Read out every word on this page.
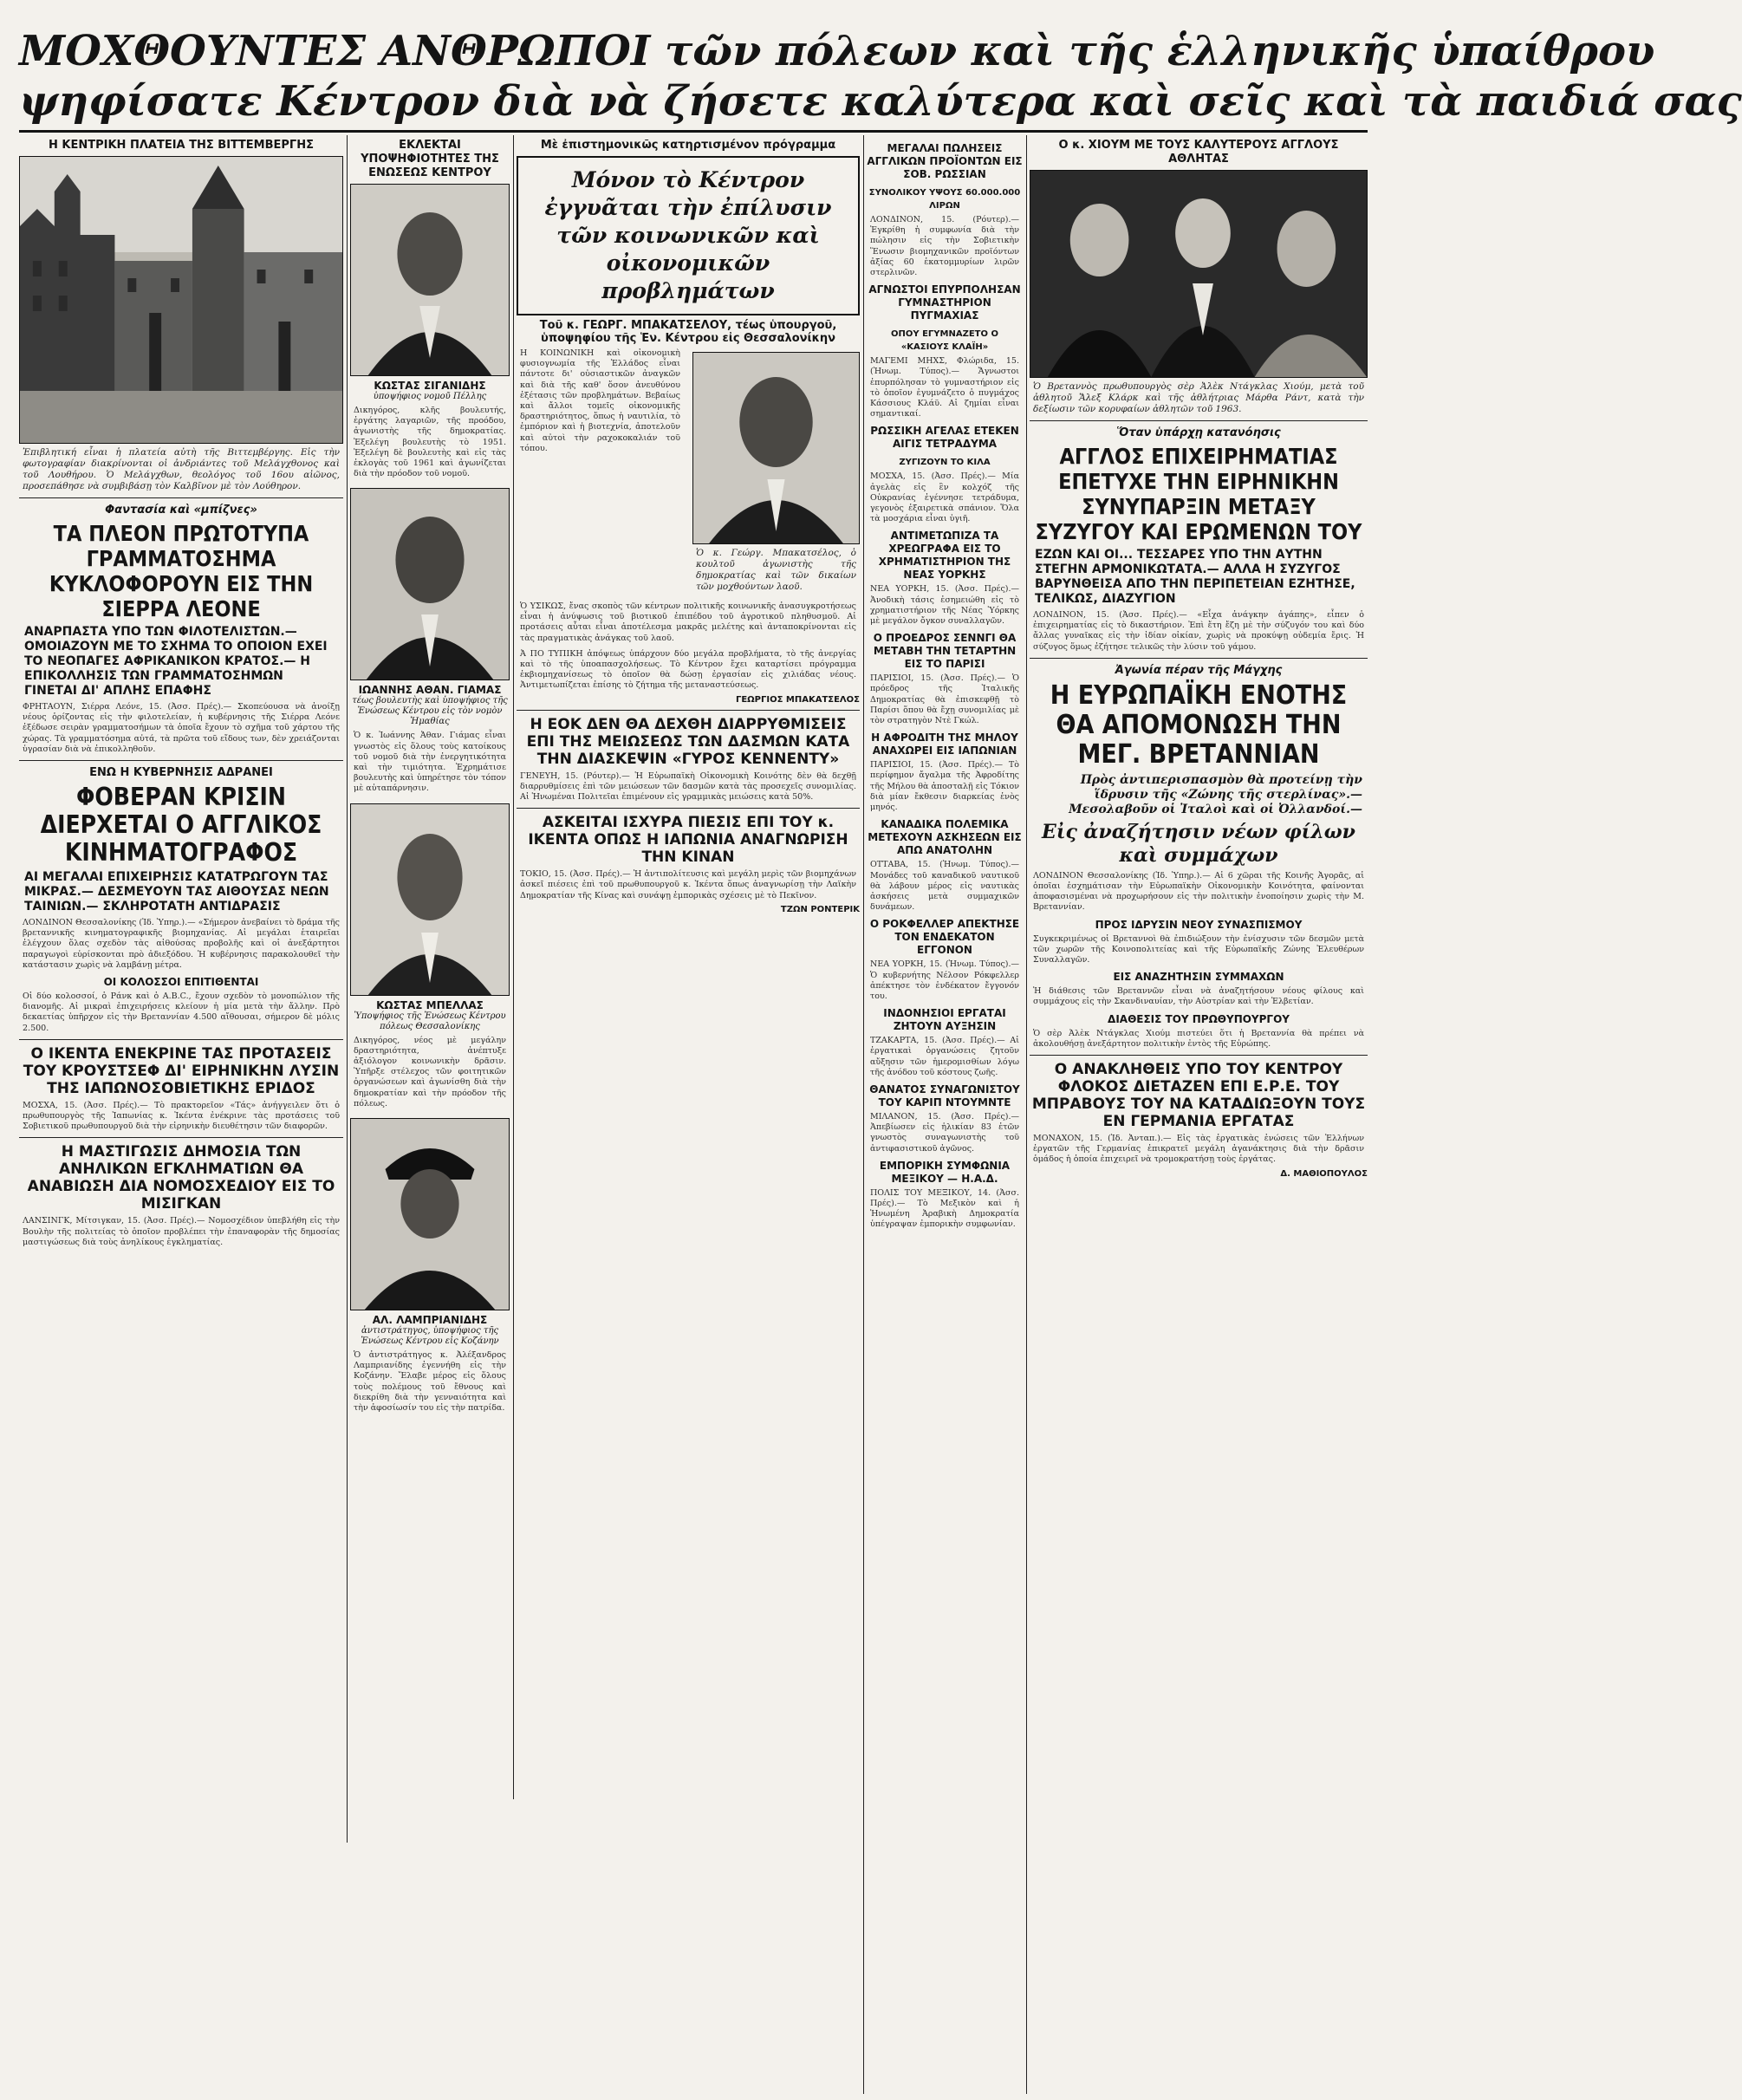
ΜΟΧΘΟΥΝΤΕΣ ΑΝΘΡΩΠΟΙ τῶν πόλεων καὶ τῆς ἑλληνικῆς ὑπαίθρου
ψηφίσατε Κέντρον διὰ νὰ ζήσετε καλύτερα καὶ σεῖς καὶ τὰ παιδιά σας
Η ΚΕΝΤΡΙΚΗ ΠΛΑΤΕΙΑ ΤΗΣ ΒΙΤΤΕΜΒΕΡΓΗΣ
Ἐπιβλητική εἶναι ἡ πλατεία αὐτὴ τῆς Βιττεμβέργης. Εἰς τὴν φωτογραφίαν διακρίνονται οἱ ἀνδριάντες τοῦ Μελάγχθονος καὶ τοῦ Λουθήρου. Ὁ Μελάγχθων, θεολόγος τοῦ 16ου αἰῶνος, προσεπάθησε νὰ συμβιβάσῃ τὸν Καλβῖνον μὲ τὸν Λούθηρον.
Φαντασία καὶ «μπίζνες»
ΤΑ ΠΛΕΟΝ ΠΡΩΤΟΤΥΠΑ ΓΡΑΜΜΑΤΟΣΗΜΑ ΚΥΚΛΟΦΟΡΟΥΝ ΕΙΣ ΤΗΝ ΣΙΕΡΡΑ ΛΕΟΝΕ
ΑΝΑΡΠΑΣΤΑ ΥΠΟ ΤΩΝ ΦΙΛΟΤΕΛΙΣΤΩΝ.— ΟΜΟΙΑΖΟΥΝ ΜΕ ΤΟ ΣΧΗΜΑ ΤΟ ΟΠΟΙΟΝ ΕΧΕΙ ΤΟ ΝΕΟΠΑΓΕΣ ΑΦΡΙΚΑΝΙΚΟΝ ΚΡΑΤΟΣ.— Η ΕΠΙΚΟΛΛΗΣΙΣ ΤΩΝ ΓΡΑΜΜΑΤΟΣΗΜΩΝ ΓΙΝΕΤΑΙ ΔΙ' ΑΠΛΗΣ ΕΠΑΦΗΣ
ΦΡΗΤΑΟΥΝ, Σιέρρα Λεόνε, 15. (Ἀσσ. Πρές).— Σκοπεύουσα νὰ ἀνοίξῃ νέους ὁρίζοντας εἰς τὴν φιλοτελείαν, ἡ κυβέρνησις τῆς Σιέρρα Λεόνε ἐξέδωσε σειρὰν γραμματοσήμων τὰ ὁποῖα ἔχουν τὸ σχῆμα τοῦ χάρτου τῆς χώρας. Τὰ γραμματόσημα αὐτά, τὰ πρῶτα τοῦ εἴδους των, δὲν χρειάζονται ὑγρασίαν διὰ νὰ ἐπικολληθοῦν.
ΕΝΩ Η ΚΥΒΕΡΝΗΣΙΣ ΑΔΡΑΝΕΙ
ΦΟΒΕΡΑΝ ΚΡΙΣΙΝ ΔΙΕΡΧΕΤΑΙ Ο ΑΓΓΛΙΚΟΣ ΚΙΝΗΜΑΤΟΓΡΑΦΟΣ
ΑΙ ΜΕΓΑΛΑΙ ΕΠΙΧΕΙΡΗΣΙΣ ΚΑΤΑΤΡΩΓΟΥΝ ΤΑΣ ΜΙΚΡΑΣ.— ΔΕΣΜΕΥΟΥΝ ΤΑΣ ΑΙΘΟΥΣΑΣ ΝΕΩΝ ΤΑΙΝΙΩΝ.— ΣΚΛΗΡΟΤΑΤΗ ΑΝΤΙΔΡΑΣΙΣ
ΛΟΝΔΙΝΟΝ Θεσσαλονίκης (Ἰδ. Ὑπηρ.).— «Σήμερον ἀνεβαίνει τὸ δράμα τῆς βρεταννικῆς κινηματογραφικῆς βιομηχανίας. Αἱ μεγάλαι ἑταιρεῖαι ἐλέγχουν ὅλας σχεδὸν τὰς αἰθούσας προβολῆς καὶ οἱ ἀνεξάρτητοι παραγωγοὶ εὑρίσκονται πρὸ ἀδιεξόδου. Ἡ κυβέρνησις παρακολουθεῖ τὴν κατάστασιν χωρὶς νὰ λαμβάνῃ μέτρα.
ΟΙ ΚΟΛΟΣΣΟΙ ΕΠΙΤΙΘΕΝΤΑΙ
Οἱ δύο κολοσσοί, ὁ Ράνκ καὶ ὁ A.B.C., ἔχουν σχεδὸν τὸ μονοπώλιον τῆς διανομῆς. Αἱ μικραὶ ἐπιχειρήσεις κλείουν ἡ μία μετὰ τὴν ἄλλην. Πρὸ δεκαετίας ὑπῆρχον εἰς τὴν Βρεταννίαν 4.500 αἴθουσαι, σήμερον δὲ μόλις 2.500.
Ο ΙΚΕΝΤΑ ΕΝΕΚΡΙΝΕ ΤΑΣ ΠΡΟΤΑΣΕΙΣ ΤΟΥ ΚΡΟΥΣΤΣΕΦ ΔΙ' ΕΙΡΗΝΙΚΗΝ ΛΥΣΙΝ ΤΗΣ ΙΑΠΩΝΟΣΟΒΙΕΤΙΚΗΣ ΕΡΙΔΟΣ
ΜΟΣΧΑ, 15. (Ἀσσ. Πρές).— Τὸ πρακτορεῖον «Τάς» ἀνήγγειλεν ὅτι ὁ πρωθυπουργὸς τῆς Ἰαπωνίας κ. Ἰκέντα ἐνέκρινε τὰς προτάσεις τοῦ Σοβιετικοῦ πρωθυπουργοῦ διὰ τὴν εἰρηνικὴν διευθέτησιν τῶν διαφορῶν.
Η ΜΑΣΤΙΓΩΣΙΣ ΔΗΜΟΣΙΑ ΤΩΝ ΑΝΗΛΙΚΩΝ ΕΓΚΛΗΜΑΤΙΩΝ ΘΑ ΑΝΑΒΙΩΣΗ ΔΙΑ ΝΟΜΟΣΧΕΔΙΟΥ ΕΙΣ ΤΟ ΜΙΣΙΓΚΑΝ
ΛΑΝΣΙΝΓΚ, Μίτσιγκαν, 15. (Ἀσσ. Πρές).— Νομοσχέδιον ὑπεβλήθη εἰς τὴν Βουλὴν τῆς πολιτείας τὸ ὁποῖον προβλέπει τὴν ἐπαναφορὰν τῆς δημοσίας μαστιγώσεως διὰ τοὺς ἀνηλίκους ἐγκληματίας.
ΕΚΛΕΚΤΑΙ ΥΠΟΨΗΦΙΟΤΗΤΕΣ ΤΗΣ ΕΝΩΣΕΩΣ ΚΕΝΤΡΟΥ
ΚΩΣΤΑΣ ΣΙΓΑΝΙΔΗΣ
ὑποψήφιος νομοῦ Πέλλης
Δικηγόρος, κλῆς βουλευτής, ἐργάτης λαγαριῶν, τῆς προόδου, ἀγωνιστὴς τῆς δημοκρατίας. Ἐξελέγη βουλευτὴς τὸ 1951. Ἐξελέγη δὲ βουλευτὴς καὶ εἰς τὰς ἐκλογὰς τοῦ 1961 καὶ ἀγωνίζεται διὰ τὴν πρόοδον τοῦ νομοῦ.
ΙΩΑΝΝΗΣ ΑΘΑΝ. ΓΙΑΜΑΣ
τέως βουλευτὴς καὶ ὑποψήφιος τῆς Ἑνώσεως Κέντρου εἰς τὸν νομὸν Ἡμαθίας
Ὁ κ. Ἰωάννης Ἀθαν. Γιάμας εἶναι γνωστὸς εἰς ὅλους τοὺς κατοίκους τοῦ νομοῦ διὰ τὴν ἐνεργητικότητα καὶ τὴν τιμιότητα. Ἐχρημάτισε βουλευτὴς καὶ ὑπηρέτησε τὸν τόπον μὲ αὐταπάρνησιν.
ΚΩΣΤΑΣ ΜΠΕΛΛΑΣ
Ὑποψήφιος τῆς Ἑνώσεως Κέντρου πόλεως Θεσσαλονίκης
Δικηγόρος, νέος μὲ μεγάλην δραστηριότητα, ἀνέπτυξε ἀξιόλογον κοινωνικὴν δρᾶσιν. Ὑπῆρξε στέλεχος τῶν φοιτητικῶν ὀργανώσεων καὶ ἀγωνίσθη διὰ τὴν δημοκρατίαν καὶ τὴν πρόοδον τῆς πόλεως.
ΑΛ. ΛΑΜΠΡΙΑΝΙΔΗΣ
ἀντιστράτηγος, ὑποψήφιος τῆς Ἑνώσεως Κέντρου εἰς Κοζάνην
Ὁ ἀντιστράτηγος κ. Ἀλέξανδρος Λαμπριανίδης ἐγεννήθη εἰς τὴν Κοζάνην. Ἔλαβε μέρος εἰς ὅλους τοὺς πολέμους τοῦ ἔθνους καὶ διεκρίθη διὰ τὴν γενναιότητα καὶ τὴν ἀφοσίωσίν του εἰς τὴν πατρίδα.
Μὲ ἐπιστημονικῶς κατηρτισμένον πρόγραμμα
Μόνον τὸ Κέντρον ἐγγυᾶται τὴν ἐπίλυσιν τῶν κοινωνικῶν καὶ οἰκονομικῶν προβλημάτων
Τοῦ κ. ΓΕΩΡΓ. ΜΠΑΚΑΤΣΕΛΟΥ, τέως ὑπουργοῦ, ὑποψηφίου τῆς Ἑν. Κέντρου εἰς Θεσσαλονίκην
Η ΚΟΙΝΩΝΙΚΗ καὶ οἰκονομικὴ φυσιογνωμία τῆς Ἑλλάδος εἶναι πάντοτε δι' οὐσιαστικῶν ἀναγκῶν καὶ διὰ τῆς καθ' ὅσον ἀνευθύνου ἐξέτασις τῶν προβλημάτων. Βεβαίως καὶ ἄλλοι τομεῖς οἰκονομικῆς δραστηριότητος, ὅπως ἡ ναυτιλία, τὸ ἐμπόριον καὶ ἡ βιοτεχνία, ἀποτελοῦν καὶ αὐτοὶ τὴν ραχοκοκαλιάν τοῦ τόπου.
Ὁ κ. Γεώργ. Μπακατσέλος, ὁ κουλτοῦ ἀγωνιστὴς τῆς δημοκρατίας καὶ τῶν δικαίων τῶν μοχθούντων λαοῦ.
Ὁ ΥΣΙΚΩΣ, ἔνας σκοπὸς τῶν κέντρων πολιτικῆς κοινωνικῆς ἀνασυγκροτήσεως εἶναι ἡ ἀνύψωσις τοῦ βιοτικοῦ ἐπιπέδου τοῦ ἀγροτικοῦ πληθυσμοῦ. Αἱ προτάσεις αὗται εἶναι ἀποτέλεσμα μακρᾶς μελέτης καὶ ἀνταποκρίνονται εἰς τὰς πραγματικὰς ἀνάγκας τοῦ λαοῦ.
Ἀ ΠΟ ΤΥΠΙΚΗ ἀπόψεως ὑπάρχουν δύο μεγάλα προβλήματα, τὸ τῆς ἀνεργίας καὶ τὸ τῆς ὑποαπασχολήσεως. Τὸ Κέντρον ἔχει καταρτίσει πρόγραμμα ἐκβιομηχανίσεως τὸ ὁποῖον θὰ δώσῃ ἐργασίαν εἰς χιλιάδας νέους. Ἀντιμετωπίζεται ἐπίσης τὸ ζήτημα τῆς μεταναστεύσεως.
ΓΕΩΡΓΙΟΣ ΜΠΑΚΑΤΣΕΛΟΣ
Η ΕΟΚ ΔΕΝ ΘΑ ΔΕΧΘΗ ΔΙΑΡΡΥΘΜΙΣΕΙΣ ΕΠΙ ΤΗΣ ΜΕΙΩΣΕΩΣ ΤΩΝ ΔΑΣΜΩΝ ΚΑΤΑ ΤΗΝ ΔΙΑΣΚΕΨΙΝ «ΓΥΡΟΣ ΚΕΝΝΕΝΤΥ»
ΓΕΝΕΥΗ, 15. (Ρόυτερ).— Ἡ Εὐρωπαϊκὴ Οἰκονομικὴ Κοινότης δὲν θὰ δεχθῇ διαρρυθμίσεις ἐπὶ τῶν μειώσεων τῶν δασμῶν κατὰ τὰς προσεχεῖς συνομιλίας. Αἱ Ἡνωμέναι Πολιτεῖαι ἐπιμένουν εἰς γραμμικὰς μειώσεις κατὰ 50%.
ΑΣΚΕΙΤΑΙ ΙΣΧΥΡΑ ΠΙΕΣΙΣ ΕΠΙ ΤΟΥ κ. ΙΚΕΝΤΑ ΟΠΩΣ Η ΙΑΠΩΝΙΑ ΑΝΑΓΝΩΡΙΣΗ ΤΗΝ ΚΙΝΑΝ
ΤΟΚΙΟ, 15. (Ἀσσ. Πρές).— Ἡ ἀντιπολίτευσις καὶ μεγάλη μερὶς τῶν βιομηχάνων ἀσκεῖ πιέσεις ἐπὶ τοῦ πρωθυπουργοῦ κ. Ἰκέντα ὅπως ἀναγνωρίσῃ τὴν Λαϊκὴν Δημοκρατίαν τῆς Κίνας καὶ συνάψῃ ἐμπορικὰς σχέσεις μὲ τὸ Πεκῖνον.
ΤΖΩΝ ΡΟΝΤΕΡΙΚ
ΜΕΓΑΛΑΙ ΠΩΛΗΣΕΙΣ ΑΓΓΛΙΚΩΝ ΠΡΟΪΟΝΤΩΝ ΕΙΣ ΣΟΒ. ΡΩΣΣΙΑΝ
ΣΥΝΟΛΙΚΟΥ ΥΨΟΥΣ 60.000.000 ΛΙΡΩΝ
ΛΟΝΔΙΝΟΝ, 15. (Ρόυτερ).— Ἐγκρίθη ἡ συμφωνία διὰ τὴν πώλησιν εἰς τὴν Σοβιετικὴν Ἕνωσιν βιομηχανικῶν προϊόντων ἀξίας 60 ἑκατομμυρίων λιρῶν στερλινῶν.
ΑΓΝΩΣΤΟΙ ΕΠΥΡΠΟΛΗΣΑΝ ΓΥΜΝΑΣΤΗΡΙΟΝ ΠΥΓΜΑΧΙΑΣ
ΟΠΟΥ ΕΓΥΜΝΑΖΕΤΟ Ο «ΚΑΣΙΟΥΣ ΚΛΑΪΗ»
ΜΑΓΕΜΙ ΜΗΧΣ, Φλώριδα, 15. (Ἡνωμ. Τύπος).— Ἄγνωστοι ἐπυρπόλησαν τὸ γυμναστήριον εἰς τὸ ὁποῖον ἐγυμνάζετο ὁ πυγμάχος Κάσσιους Κλάϋ. Αἱ ζημίαι εἶναι σημαντικαί.
ΡΩΣΣΙΚΗ ΑΓΕΛΑΣ ΕΤΕΚΕΝ ΑΙΓΙΣ ΤΕΤΡΑΔΥΜΑ
ΖΥΓΙΖΟΥΝ ΤΟ ΚΙΛΑ
ΜΟΣΧΑ, 15. (Ἀσσ. Πρές).— Μία ἀγελὰς εἰς ἓν κολχόζ τῆς Οὐκρανίας ἐγέννησε τετράδυμα, γεγονὸς ἐξαιρετικὰ σπάνιον. Ὅλα τὰ μοσχάρια εἶναι ὑγιῆ.
ΑΝΤΙΜΕΤΩΠΙΖΑ ΤΑ ΧΡΕΩΓΡΑΦΑ ΕΙΣ ΤΟ ΧΡΗΜΑΤΙΣΤΗΡΙΟΝ ΤΗΣ ΝΕΑΣ ΥΟΡΚΗΣ
ΝΕΑ ΥΟΡΚΗ, 15. (Ἀσσ. Πρές).— Ἀνοδικὴ τάσις ἐσημειώθη εἰς τὸ χρηματιστήριον τῆς Νέας Ὑόρκης μὲ μεγάλον ὄγκον συναλλαγῶν.
Ο ΠΡΟΕΔΡΟΣ ΣΕΝΝΓΙ ΘΑ ΜΕΤΑΒΗ ΤΗΝ ΤΕΤΑΡΤΗΝ ΕΙΣ ΤΟ ΠΑΡΙΣΙ
ΠΑΡΙΣΙΟΙ, 15. (Ἀσσ. Πρές).— Ὁ πρόεδρος τῆς Ἰταλικῆς Δημοκρατίας θὰ ἐπισκεφθῇ τὸ Παρίσι ὅπου θὰ ἔχῃ συνομιλίας μὲ τὸν στρατηγὸν Ντὲ Γκώλ.
Η ΑΦΡΟΔΙΤΗ ΤΗΣ ΜΗΛΟΥ ΑΝΑΧΩΡΕΙ ΕΙΣ ΙΑΠΩΝΙΑΝ
ΠΑΡΙΣΙΟΙ, 15. (Ἀσσ. Πρές).— Τὸ περίφημον ἄγαλμα τῆς Ἀφροδίτης τῆς Μήλου θὰ ἀποσταλῇ εἰς Τόκιον διὰ μίαν ἔκθεσιν διαρκείας ἑνὸς μηνός.
ΚΑΝΑΔΙΚΑ ΠΟΛΕΜΙΚΑ ΜΕΤΕΧΟΥΝ ΑΣΚΗΣΕΩΝ ΕΙΣ ΑΠΩ ΑΝΑΤΟΛΗΝ
ΟΤΤΑΒΑ, 15. (Ἡνωμ. Τύπος).— Μονάδες τοῦ καναδικοῦ ναυτικοῦ θὰ λάβουν μέρος εἰς ναυτικὰς ἀσκήσεις μετὰ συμμαχικῶν δυνάμεων.
Ο ΡΟΚΦΕΛΛΕΡ ΑΠΕΚΤΗΣΕ ΤΟΝ ΕΝΔΕΚΑΤΟΝ ΕΓΓΟΝΟΝ
ΝΕΑ ΥΟΡΚΗ, 15. (Ἡνωμ. Τύπος).— Ὁ κυβερνήτης Νέλσον Ρόκφελλερ ἀπέκτησε τὸν ἑνδέκατον ἔγγονόν του.
ΙΝΔΟΝΗΣΙΟΙ ΕΡΓΑΤΑΙ ΖΗΤΟΥΝ ΑΥΞΗΣΙΝ
ΤΖΑΚΑΡΤΑ, 15. (Ἀσσ. Πρές).— Αἱ ἐργατικαὶ ὀργανώσεις ζητοῦν αὔξησιν τῶν ἡμερομισθίων λόγω τῆς ἀνόδου τοῦ κόστους ζωῆς.
ΘΑΝΑΤΟΣ ΣΥΝΑΓΩΝΙΣΤΟΥ ΤΟΥ ΚΑΡΙΠ ΝΤΟΥΜΝΤΕ
ΜΙΛΑΝΟΝ, 15. (Ἀσσ. Πρές).— Ἀπεβίωσεν εἰς ἡλικίαν 83 ἐτῶν γνωστὸς συναγωνιστὴς τοῦ ἀντιφασιστικοῦ ἀγῶνος.
ΕΜΠΟΡΙΚΗ ΣΥΜΦΩΝΙΑ ΜΕΞΙΚΟΥ — Η.Α.Δ.
ΠΟΛΙΣ ΤΟΥ ΜΕΞΙΚΟΥ, 14. (Ἀσσ. Πρές).— Τὸ Μεξικὸν καὶ ἡ Ἡνωμένη Ἀραβικὴ Δημοκρατία ὑπέγραψαν ἐμπορικὴν συμφωνίαν.
Ο κ. ΧΙΟΥΜ ΜΕ ΤΟΥΣ ΚΑΛΥΤΕΡΟΥΣ ΑΓΓΛΟΥΣ ΑΘΛΗΤΑΣ
Ὁ Βρεταννὸς πρωθυπουργὸς σὲρ Ἀλὲκ Ντάγκλας Χιούμ, μετὰ τοῦ ἀθλητοῦ Ἄλεξ Κλάρκ καὶ τῆς ἀθλήτριας Μάρθα Ράντ, κατὰ τὴν δεξίωσιν τῶν κορυφαίων ἀθλητῶν τοῦ 1963.
Ὅταν ὑπάρχῃ κατανόησις
ΑΓΓΛΟΣ ΕΠΙΧΕΙΡΗΜΑΤΙΑΣ ΕΠΕΤΥΧΕ ΤΗΝ ΕΙΡΗΝΙΚΗΝ ΣΥΝΥΠΑΡΞΙΝ ΜΕΤΑΞΥ ΣΥΖΥΓΟΥ ΚΑΙ ΕΡΩΜΕΝΩΝ ΤΟΥ
ΕΖΩΝ ΚΑΙ ΟΙ... ΤΕΣΣΑΡΕΣ ΥΠΟ ΤΗΝ ΑΥΤΗΝ ΣΤΕΓΗΝ ΑΡΜΟΝΙΚΩΤΑΤΑ.— ΑΛΛΑ Η ΣΥΖΥΓΟΣ ΒΑΡΥΝΘΕΙΣΑ ΑΠΟ ΤΗΝ ΠΕΡΙΠΕΤΕΙΑΝ ΕΖΗΤΗΣΕ, ΤΕΛΙΚΩΣ, ΔΙΑΖΥΓΙΟΝ
ΛΟΝΔΙΝΟΝ, 15. (Ἀσσ. Πρές).— «Εἶχα ἀνάγκην ἀγάπης», εἶπεν ὁ ἐπιχειρηματίας εἰς τὸ δικαστήριον. Ἐπὶ ἔτη ἔζη μὲ τὴν σύζυγόν του καὶ δύο ἄλλας γυναῖκας εἰς τὴν ἰδίαν οἰκίαν, χωρὶς νὰ προκύψῃ οὐδεμία ἔρις. Ἡ σύζυγος ὅμως ἐζήτησε τελικῶς τὴν λύσιν τοῦ γάμου.
Ἀγωνία πέραν τῆς Μάγχης
Η ΕΥΡΩΠΑΪΚΗ ΕΝΟΤΗΣ ΘΑ ΑΠΟΜΟΝΩΣΗ ΤΗΝ ΜΕΓ. ΒΡΕΤΑΝΝΙΑΝ
Πρὸς ἀντιπερισπασμὸν θὰ προτείνῃ τὴν ἵδρυσιν τῆς «Ζώνης τῆς στερλίνας».— Μεσολαβοῦν οἱ Ἰταλοὶ καὶ οἱ Ὀλλανδοί.—
Εἰς ἀναζήτησιν νέων φίλων καὶ συμμάχων
ΛΟΝΔΙΝΟΝ Θεσσαλονίκης (Ἰδ. Ὑπηρ.).— Αἱ 6 χῶραι τῆς Κοινῆς Ἀγορᾶς, αἱ ὁποῖαι ἐσχημάτισαν τὴν Εὐρωπαϊκὴν Οἰκονομικὴν Κοινότητα, φαίνονται ἀποφασισμέναι νὰ προχωρήσουν εἰς τὴν πολιτικὴν ἑνοποίησιν χωρὶς τὴν Μ. Βρεταννίαν.
ΠΡΟΣ ΙΔΡΥΣΙΝ ΝΕΟΥ ΣΥΝΑΣΠΙΣΜΟΥ
Συγκεκριμένως οἱ Βρεταννοὶ θὰ ἐπιδιώξουν τὴν ἐνίσχυσιν τῶν δεσμῶν μετὰ τῶν χωρῶν τῆς Κοινοπολιτείας καὶ τῆς Εὐρωπαϊκῆς Ζώνης Ἐλευθέρων Συναλλαγῶν.
ΕΙΣ ΑΝΑΖΗΤΗΣΙΝ ΣΥΜΜΑΧΩΝ
Ἡ διάθεσις τῶν Βρεταννῶν εἶναι νὰ ἀναζητήσουν νέους φίλους καὶ συμμάχους εἰς τὴν Σκανδιναυίαν, τὴν Αὐστρίαν καὶ τὴν Ἑλβετίαν.
ΔΙΑΘΕΣΙΣ ΤΟΥ ΠΡΩΘΥΠΟΥΡΓΟΥ
Ὁ σὲρ Ἀλὲκ Ντάγκλας Χιούμ πιστεύει ὅτι ἡ Βρεταννία θὰ πρέπει νὰ ἀκολουθήσῃ ἀνεξάρτητον πολιτικὴν ἐντὸς τῆς Εὐρώπης.
Ο ΑΝΑΚΛΗΘΕΙΣ ΥΠΟ ΤΟΥ ΚΕΝΤΡΟΥ ΦΛΟΚΟΣ ΔΙΕΤΑΖΕΝ ΕΠΙ Ε.Ρ.Ε. ΤΟΥ ΜΠΡΑΒΟΥΣ ΤΟΥ ΝΑ ΚΑΤΑΔΙΩΞΟΥΝ ΤΟΥΣ ΕΝ ΓΕΡΜΑΝΙΑ ΕΡΓΑΤΑΣ
ΜΟΝΑΧΟΝ, 15. (Ἰδ. Ἀνταπ.).— Εἰς τὰς ἐργατικὰς ἑνώσεις τῶν Ἑλλήνων ἐργατῶν τῆς Γερμανίας ἐπικρατεῖ μεγάλη ἀγανάκτησις διὰ τὴν δρᾶσιν ὁμάδος ἡ ὁποία ἐπιχειρεῖ νὰ τρομοκρατήσῃ τοὺς ἐργάτας.
Δ. ΜΑΘΙΟΠΟΥΛΟΣ
